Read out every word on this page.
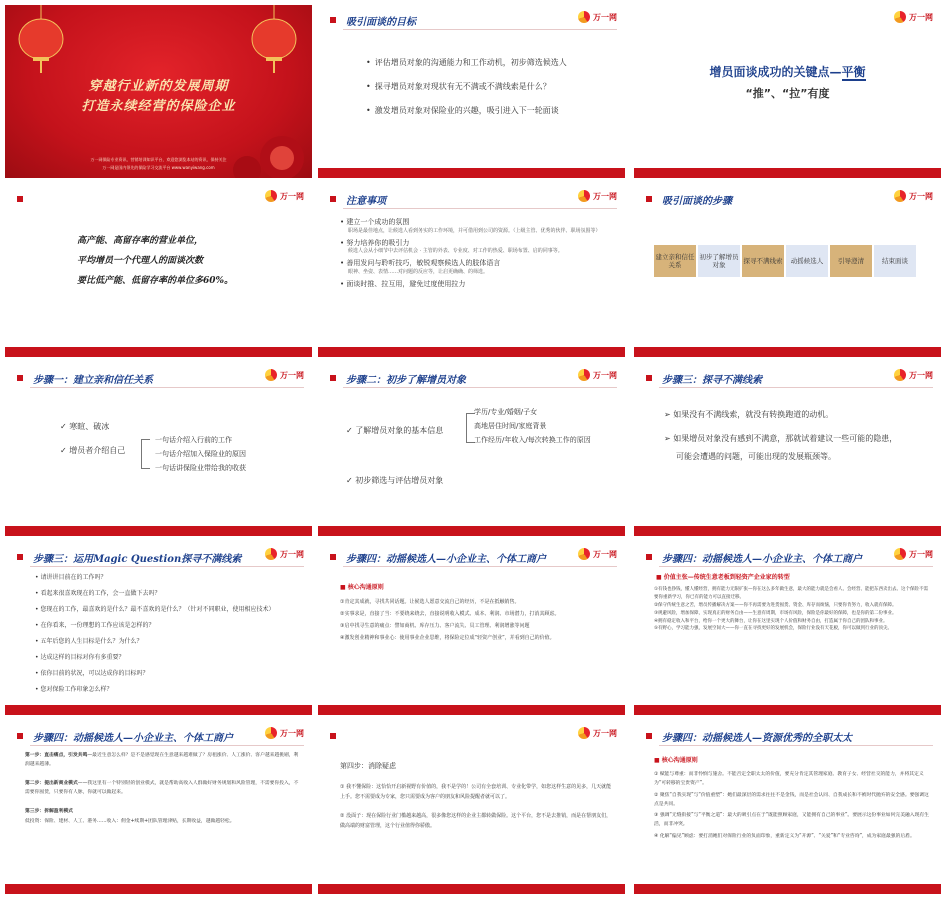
穿越行业新的发展周期
打造永续经营的保险企业
万一网保险专业资讯、营销培训知识平台，欢迎您浏览本站的资讯，保持关注
万一网是国内领先的保险学习交流平台 www.wanyiwang.com
吸引面谈的目标	万一网
• 评估增员对象的沟通能力和工作动机，初步筛选候选人
• 探寻增员对象对现状有无不满或不满线索是什么？
• 激发增员对象对保险业的兴趣，吸引进入下一轮面谈
万一网
增员面谈成功的关键点—平衡
“推”、“拉”有度
万一网
高产能、高留存率的营业单位，
平均增员一个代理人的面谈次数
要比低产能、低留存率的单位多60%。
注意事项	万一网
• 建立一个成功的氛围
职场是最佳地点，让候选人看到务实的工作环境，并可借用到公司的资源。（上级主管、优秀的伙伴、职场氛围等）
• 努力培养你的吸引力
候选人会从小细节中去评估机会 · 主管的外表、专业度、对工作的热爱、职场布置、启的同事等。
• 善用发问与聆听技巧，敏锐观察候选人的肢体语言
眼神、坐姿、表情……对问题的反应等，让启更确确、的筛选。
• 面谈时推、拉互用，避免过度使用拉力
吸引面谈的步骤	万一网
建立亲和信任关系
初步了解增员对象
探寻不满线索	动摇候选人	引导澄清	结束面谈
步骤一：建立亲和信任关系	万一网
✓ 寒暄、破冰
✓ 增员者介绍自己
一句话介绍入行前的工作
一句话介绍加入保险业的原因
一句话讲保险业带给我的收获
步骤二：初步了解增员对象	万一网
✓ 了解增员对象的基本信息
学历/专业/婚姻/子女
高地居住时间/家庭背景
工作经历/年收入/每次转换工作的原因
✓ 初步筛选与评估增员对象
步骤三：探寻不满线索	万一网
➢ 如果没有不满线索，就没有转换跑道的动机。
➢ 如果增员对象没有感到不满意，那就试着建议一些可能的隐患，
可能会遭遇的问题，可能出现的发展瓶颈等。
步骤三：运用Magic Question探寻不满线索	万一网
• 请讲讲目前在的工作吗？
• 看起来很喜欢现在的工作，会一直做下去吗？
• 您现在的工作，最喜欢的是什么？最不喜欢的是什么？（针对不同职业，使用相应技术）
• 在你看来，一份理想的工作应该是怎样的？
• 五年后您的人生目标是什么？为什么？
• 达成这样的目标对你有多重要？
• 依你目前的状况，可以达成你的目标吗？
• 您对保险工作印象怎么样？
步骤四：动摇候选人—小企业主、个体工商户	万一网
■ 核心沟通原则
①肯定其成就，寻找共同话题。让候选人愿意交流自己的经历，不是在抵触销售。
②实事求是，直接了当：不要绕来绕去，直接说明收入模式、成本、利润、市场潜力，打消其顾虑。
③启中找寻生意的痛点：譬如商机、库存压力、客户流失、员工管理、利润增涨等问题
④激发创业精神和事业心：使用事业企业思维，将保险定位成“轻资产创业”，并看到自己的价值。
步骤四：动摇候选人—小企业主、个体工商户	万一网
■ 价值主张—传统生意老板到轻资产企业家的转型
①有钱也挣钱，懂人懂经营，拥有能力无限扩张—你在这么多年做生意，最大的能力就是会看人、会经营、能把东西卖出去。这个保险不需要你重新学习，你已有的能力可以直接迁移。
②保守传统生意之苦，增员传播解决方案——你不再需要为进货囤货、资金、库存而烦恼，只要你肯努力，收入就有保障。
③规避风险，增加保障，实现真正的财务自由——生意有周期，市场有风险，保险是你最好的保障，也是你的第二份事业。
④拥有稳定收入和平台，给你一个更大的舞台，让你在这里实现个人价值和财务自由，打造属于你自己的团队和事业。
⑤有野心，学习能力强，发展空间大——你一直在寻找更好的发展机会，保险行业没有天花板，你可以做到行业的顶尖。
步骤四：动摇候选人—小企业主、个体工商户	万一网
第一步：直击痛点，引发共鸣—最近生意怎么样？是不是感觉现在生意越来越难做了？房租涨价、人工涨价、客户越来越挑剔，利润越来越薄。
第二步：提出新商业模式——我这里有一个特别轻的创业模式，就是帮助高收入人群做好财务规划和风险管理，不需要你投入，不需要你囤货，只要你有人脉，你就可以做起来。
第三步：拆解盈利模式
低投资：保险、建材、人工、港务……收入：佣金+续期+团队管理津贴，长期收益，越做越轻松。
万一网
第四步：消除疑虑
① 我不懂保险：这恰恰开启新视野有价值的，我不是学的！公司有全套培训、专业化带学，如您这样生意的见多，几天就能上手。您不需要成为专家，您只需要成为客户的朋友和风险提醒者就可以了。
② 没面子：现在保险行业门槛越来越高，很多像您这样的企业主都转做保险。这个平台，您不是去推销，而是在帮朋友们，做高端的财富管理，这个行业值得你骄傲。
步骤四：动摇候选人—资源优秀的全职太太
■ 核心沟通原则
① 赋能与尊重：而非怜悯与施舍。不能否定全职太太的价值，要充分肯定其管理家庭、教育子女、经营社交的能力，并将其定义为“可转移的宝贵资产”。
② 聚焦“自我实现”与“价值重塑”：她们最深层的需求往往不是金钱，而是社会认同、自我成长和不被时代抛弃的安全感。要强调这点是共同。
③ 强调“无缝衔接”与“平衡之道”：最大的吸引点在于“既能照顾家庭，又能拥有自己的事业”。要展示这份事业如何完美融入现有生活，而非冲突。
④ 化解“偏见”顾虑：要打消她们对保险行业的负面印象，重新定义为“开源”、“关爱”和“专业咨询”，成为家庭最强的后盾。
